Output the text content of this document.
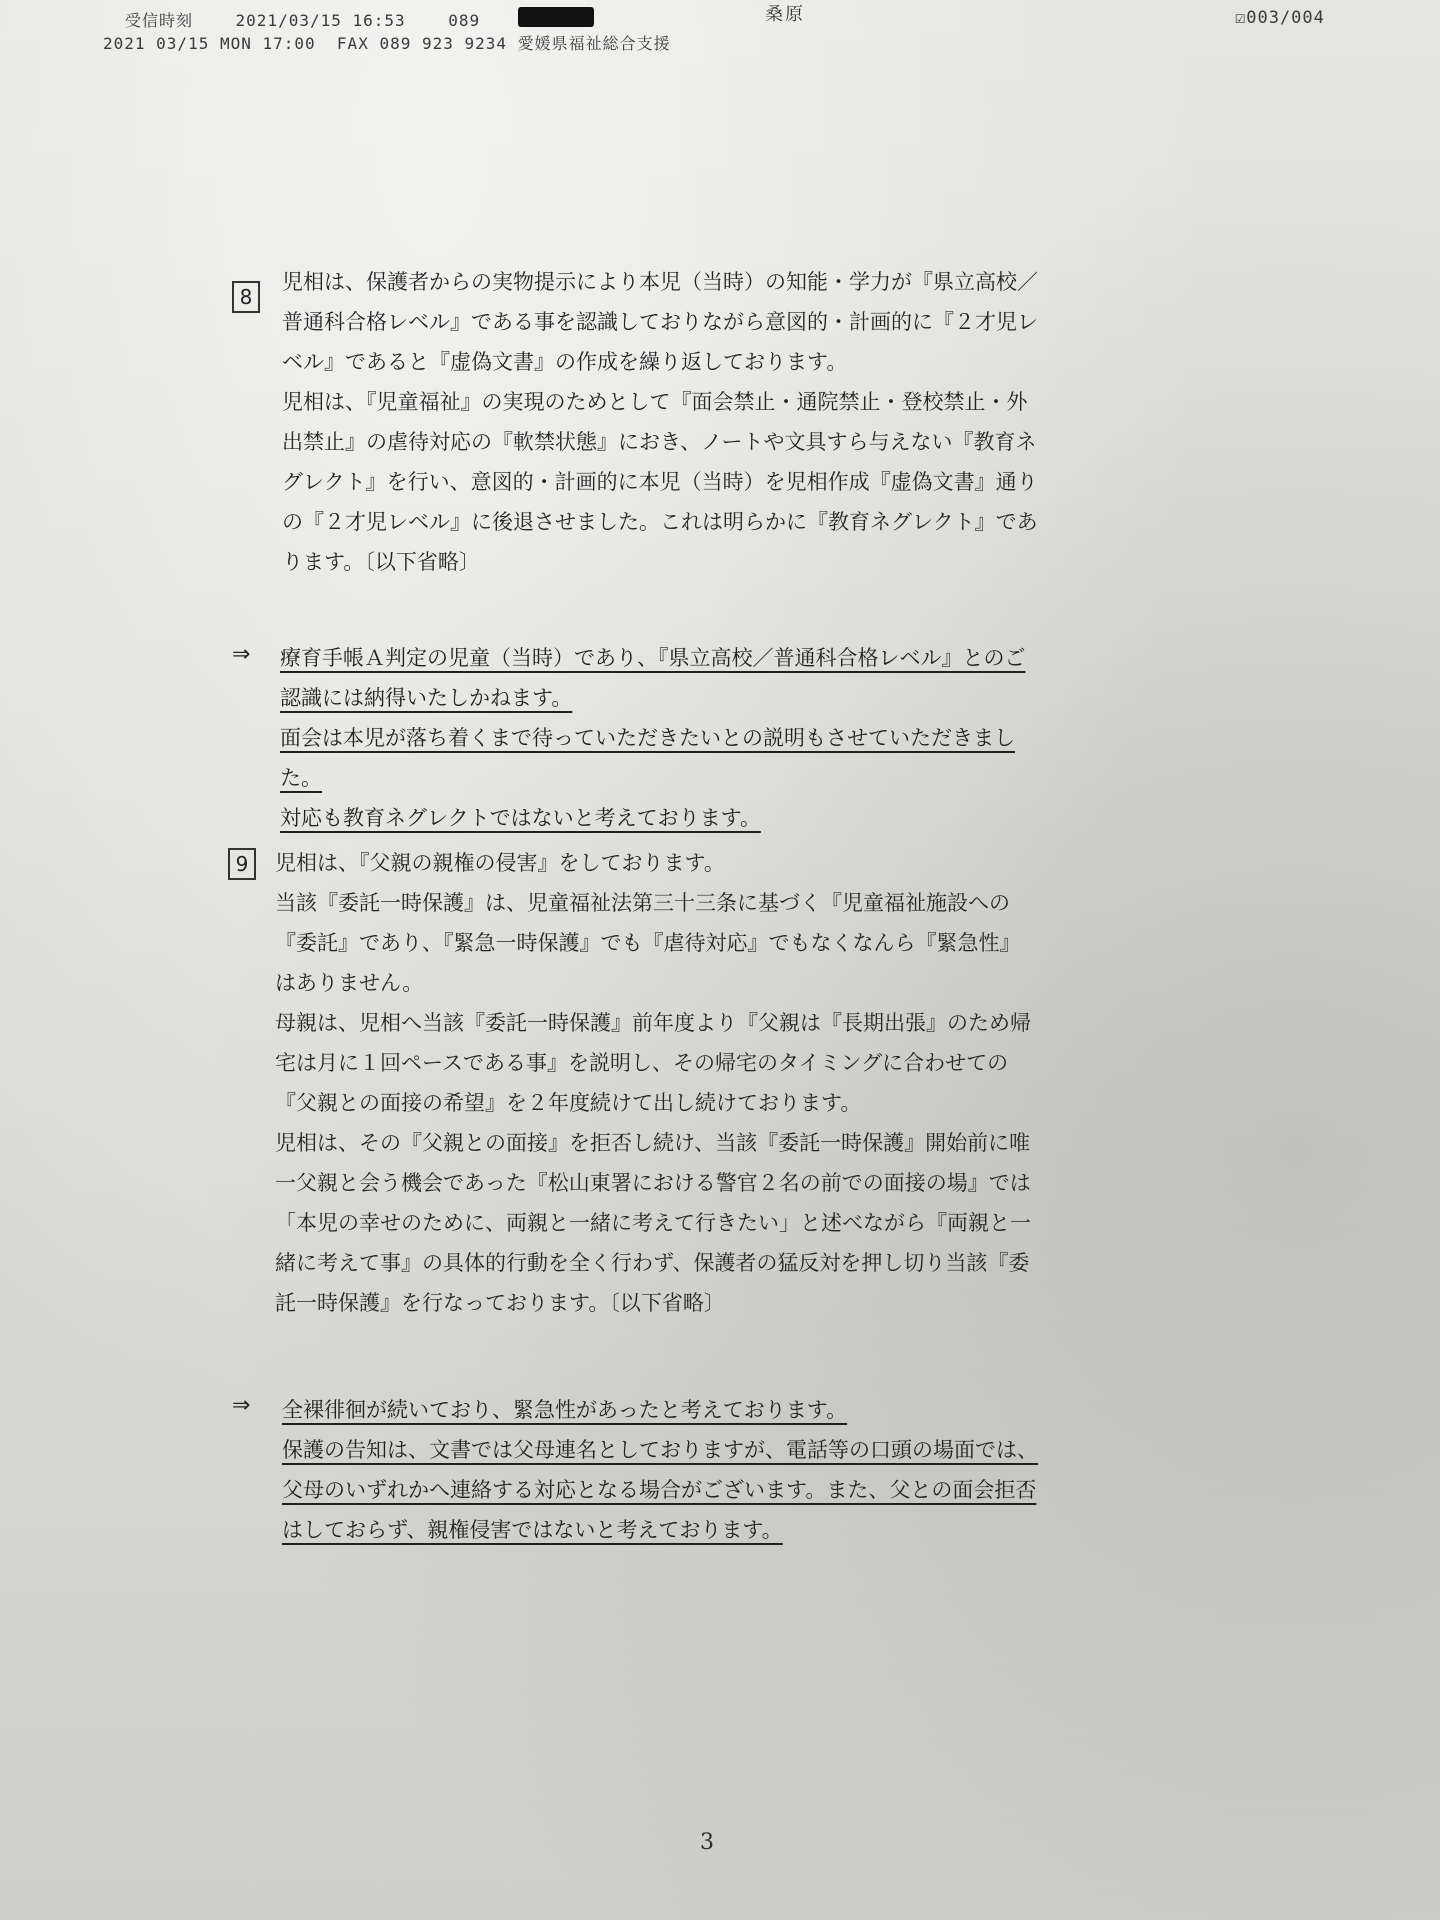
受信時刻    2021/03/15 16:53    089	桑原
2021 03/15 MON 17:00  FAX 089 923 9234 愛媛県福祉総合支援
☑003/004
8

児相は、保護者からの実物提示により本児（当時）の知能・学力が『県立高校／普通科合格レベル』である事を認識しておりながら意図的・計画的に『２才児レベル』であると『虚偽文書』の作成を繰り返しております。

児相は、『児童福祉』の実現のためとして『面会禁止・通院禁止・登校禁止・外出禁止』の虐待対応の『軟禁状態』におき、ノートや文具すら与えない『教育ネグレクト』を行い、意図的・計画的に本児（当時）を児相作成『虚偽文書』通りの『２才児レベル』に後退させました。これは明らかに『教育ネグレクト』であります。〔以下省略〕

⇒ 療育手帳Ａ判定の児童（当時）であり、『県立高校／普通科合格レベル』とのご認識には納得いたしかねます。

面会は本児が落ち着くまで待っていただきたいとの説明もさせていただきました。

対応も教育ネグレクトではないと考えております。

9	児相は、『父親の親権の侵害』をしております。

当該『委託一時保護』は、児童福祉法第三十三条に基づく『児童福祉施設への『委託』であり、『緊急一時保護』でも『虐待対応』でもなくなんら『緊急性』はありません。

母親は、児相へ当該『委託一時保護』前年度より『父親は『長期出張』のため帰宅は月に１回ペースである事』を説明し、その帰宅のタイミングに合わせての『父親との面接の希望』を２年度続けて出し続けております。

児相は、その『父親との面接』を拒否し続け、当該『委託一時保護』開始前に唯一父親と会う機会であった『松山東署における警官２名の前での面接の場』では「本児の幸せのために、両親と一緒に考えて行きたい」と述べながら『両親と一緒に考えて事』の具体的行動を全く行わず、保護者の猛反対を押し切り当該『委託一時保護』を行なっております。〔以下省略〕

⇒ 全裸徘徊が続いており、緊急性があったと考えております。

保護の告知は、文書では父母連名としておりますが、電話等の口頭の場面では、父母のいずれかへ連絡する対応となる場合がございます。また、父との面会拒否はしておらず、親権侵害ではないと考えております。

3
